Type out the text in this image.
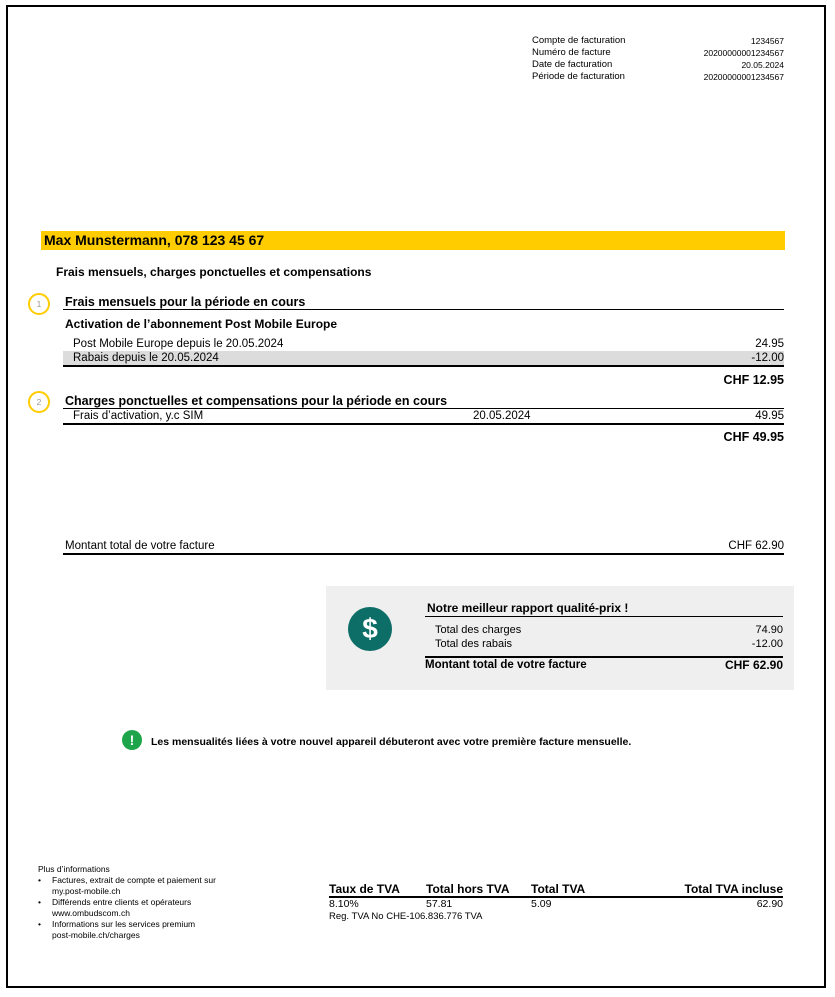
Compte de facturation	1234567
Numéro de facture	20200000001234567
Date de facturation	20.05.2024
Période de facturation	20200000001234567
Max Munstermann, 078 123 45 67
Frais mensuels, charges ponctuelles et compensations
1	Frais mensuels pour la période en cours
Activation de l’abonnement Post Mobile Europe
Post Mobile Europe depuis le 20.05.2024	24.95
Rabais depuis le 20.05.2024	-12.00
CHF 12.95
2	Charges ponctuelles et compensations pour la période en cours
Frais d’activation, y.c SIM	20.05.2024	49.95
CHF 49.95
Montant total de votre facture	CHF 62.90
$
Notre meilleur rapport qualité-prix !
Total des charges	74.90
Total des rabais	-12.00
Montant total de votre facture	CHF 62.90
!	Les mensualités liées à votre nouvel appareil débuteront avec votre première facture mensuelle.
Plus d’informations
• Factures, extrait de compte et paiement sur
my.post-mobile.ch
• Différends entre clients et opérateurs
www.ombudscom.ch
• Informations sur les services premium
post-mobile.ch/charges
Taux de TVA	Total hors TVA	Total TVA	Total TVA incluse
8.10%	57.81	5.09	62.90
Reg. TVA No CHE-106.836.776 TVA
